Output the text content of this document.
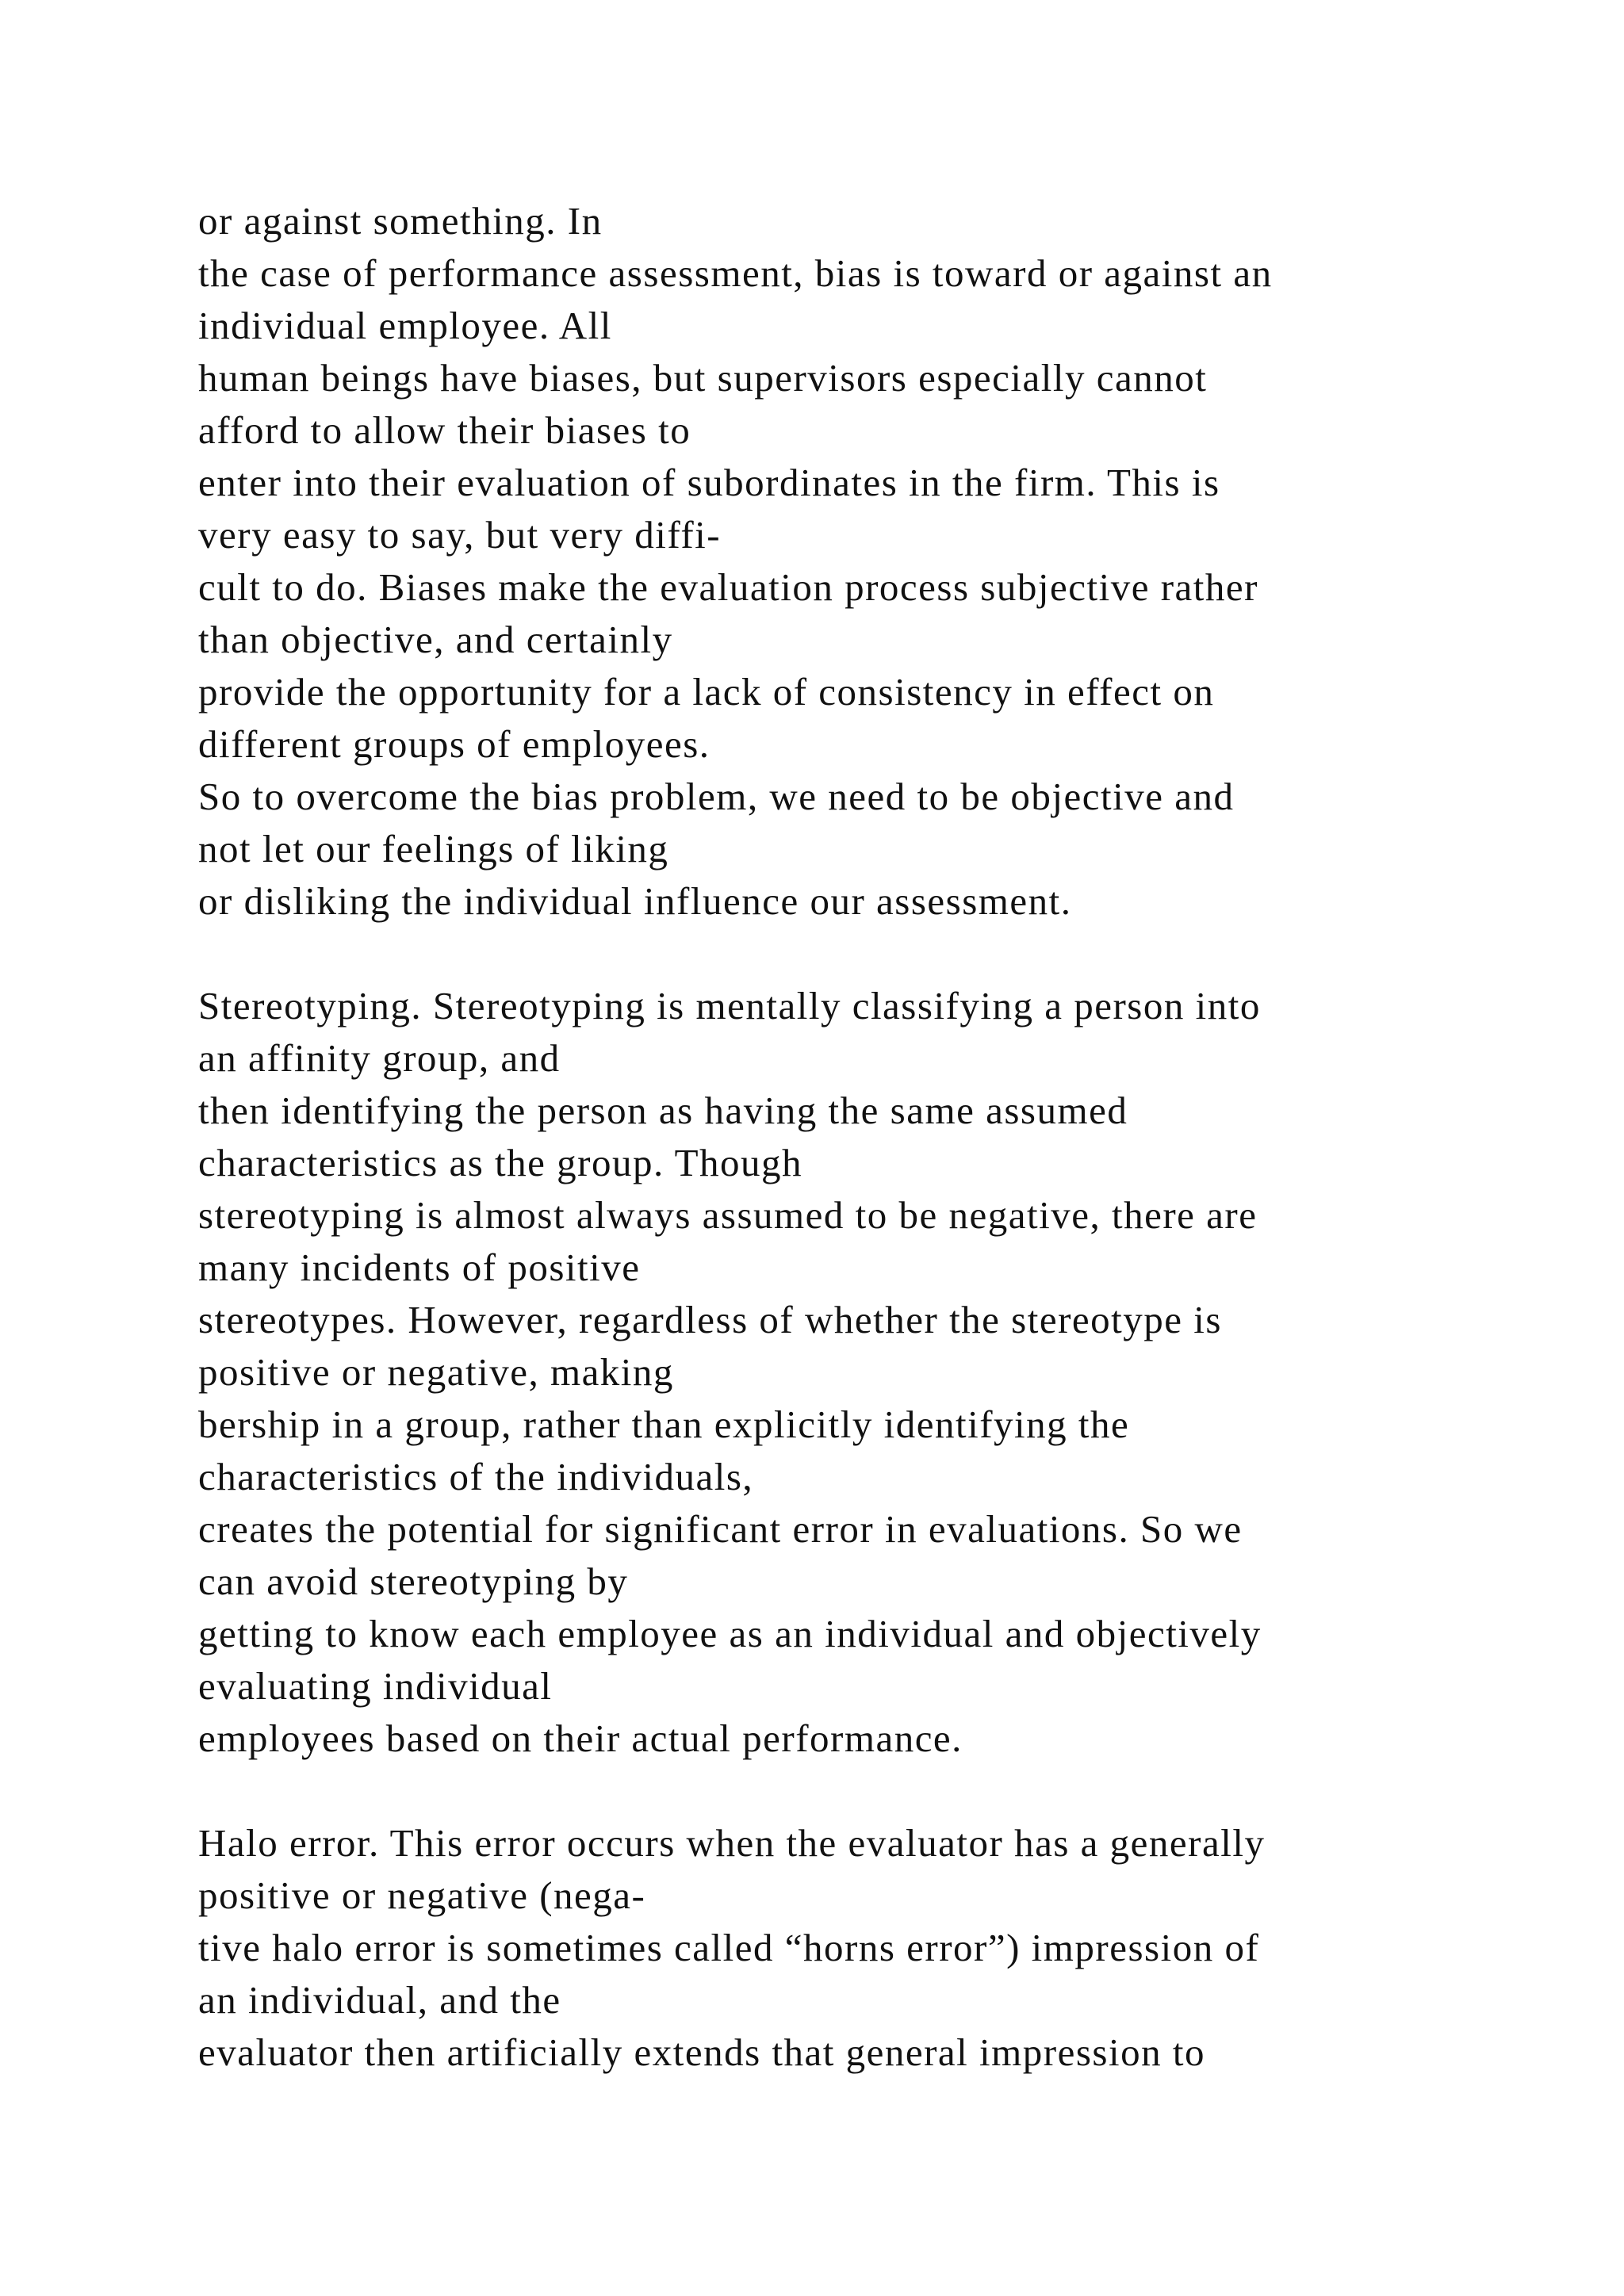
or against something. In
the case of performance assessment, bias is toward or against an
individual employee. All
human beings have biases, but supervisors especially cannot
afford to allow their biases to
enter into their evaluation of subordinates in the firm. This is
very easy to say, but very diffi-
cult to do. Biases make the evaluation process subjective rather
than objective, and certainly
provide the opportunity for a lack of consistency in effect on
different groups of employees.
So to overcome the bias problem, we need to be objective and
not let our feelings of liking
or disliking the individual influence our assessment.
Stereotyping. Stereotyping is mentally classifying a person into
an affinity group, and
then identifying the person as having the same assumed
characteristics as the group. Though
stereotyping is almost always assumed to be negative, there are
many incidents of positive
stereotypes. However, regardless of whether the stereotype is
positive or negative, making
bership in a group, rather than explicitly identifying the
characteristics of the individuals,
creates the potential for significant error in evaluations. So we
can avoid stereotyping by
getting to know each employee as an individual and objectively
evaluating individual
employees based on their actual performance.
Halo error. This error occurs when the evaluator has a generally
positive or negative (nega-
tive halo error is sometimes called “horns error”) impression of
an individual, and the
evaluator then artificially extends that general impression to
